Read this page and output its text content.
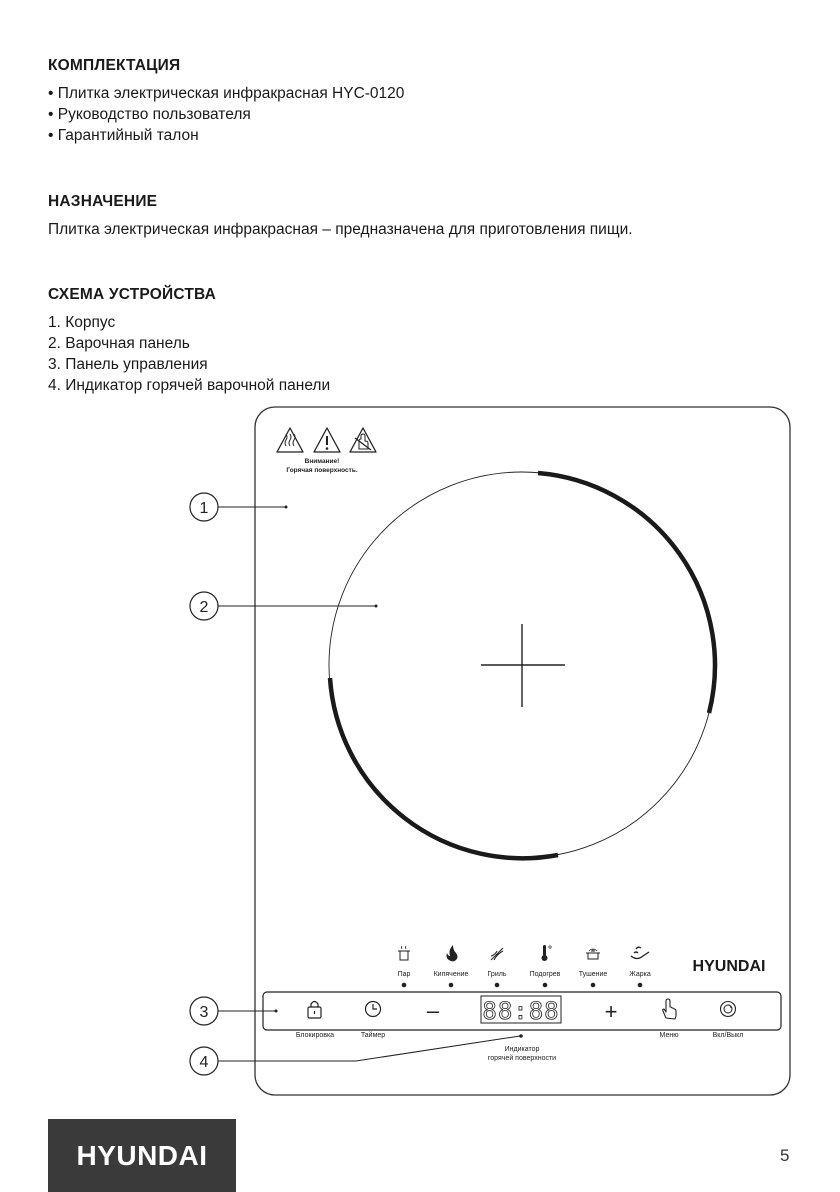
КОМПЛЕКТАЦИЯ

• Плитка электрическая инфракрасная HYC-0120

• Руководство пользователя

• Гарантийный талон

НАЗНАЧЕНИЕ

Плитка электрическая инфракрасная – предназначена для приготовления пищи.

СХЕМА УСТРОЙСТВА

1. Корпус

2. Варочная панель

3. Панель управления

4. Индикатор горячей варочной панели

Внимание!
Горячая поверхность.
1
2
3
4
Пар	Кипячение	Гриль	Подогрев	Тушение	Жарка	HYUNDAI
– 88:88 +
Блокировка	Таймер	Меню	Вкл/Выкл
Индикатор
горячей поверхности
HYUNDAI	5
